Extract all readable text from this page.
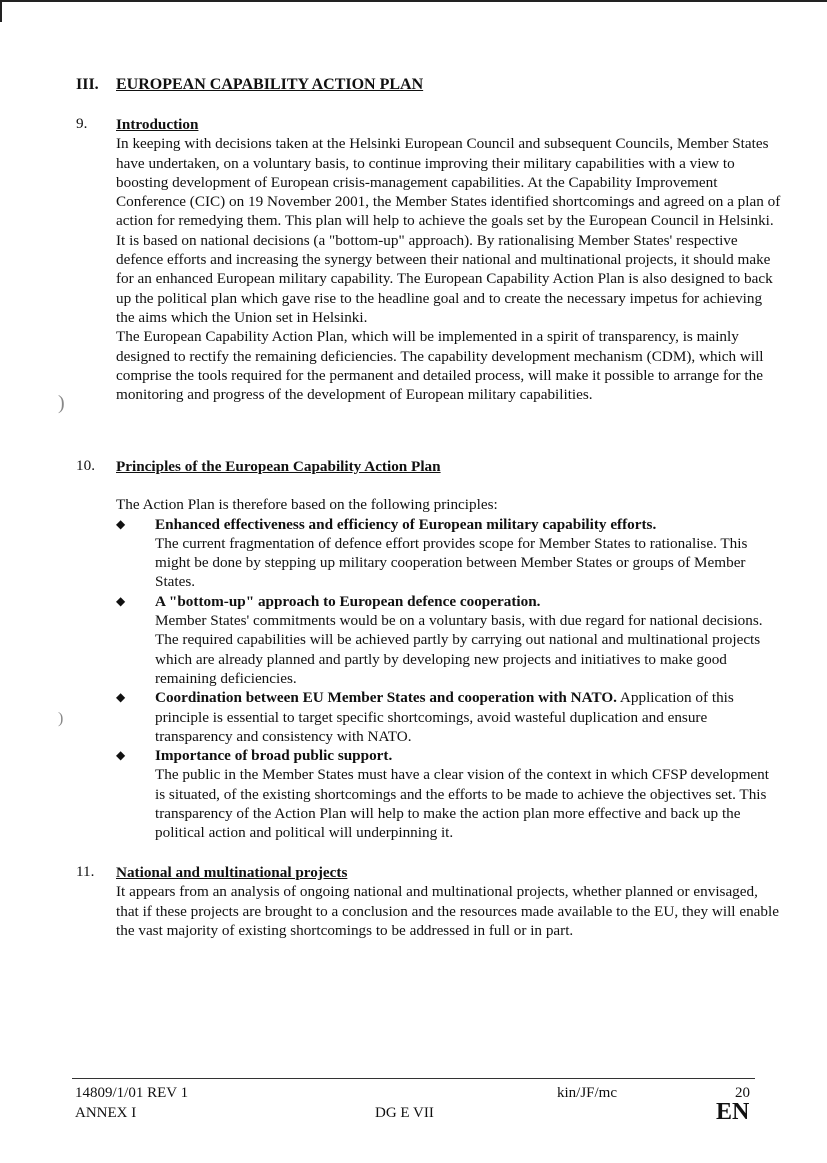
)
)
III. EUROPEAN CAPABILITY ACTION PLAN
9.	Introduction

In keeping with decisions taken at the Helsinki European Council and subsequent Councils, Member States have undertaken, on a voluntary basis, to continue improving their military capabilities with a view to boosting development of European crisis-management capabilities. At the Capability Improvement Conference (CIC) on 19 November 2001, the Member States identified shortcomings and agreed on a plan of action for remedying them. This plan will help to achieve the goals set by the European Council in Helsinki. It is based on national decisions (a "bottom-up" approach). By rationalising Member States' respective defence efforts and increasing the synergy between their national and multinational projects, it should make for an enhanced European military capability. The European Capability Action Plan is also designed to back up the political plan which gave rise to the headline goal and to create the necessary impetus for achieving the aims which the Union set in Helsinki.

The European Capability Action Plan, which will be implemented in a spirit of transparency, is mainly designed to rectify the remaining deficiencies. The capability development mechanism (CDM), which will comprise the tools required for the permanent and detailed process, will make it possible to arrange for the monitoring and progress of the development of European military capabilities.

10.	Principles of the European Capability Action Plan

The Action Plan is therefore based on the following principles:

◆ Enhanced effectiveness and efficiency of European military capability efforts.
The current fragmentation of defence effort provides scope for Member States to rationalise. This might be done by stepping up military cooperation between Member States or groups of Member States.
◆ A "bottom-up" approach to European defence cooperation.
Member States' commitments would be on a voluntary basis, with due regard for national decisions. The required capabilities will be achieved partly by carrying out national and multinational projects which are already planned and partly by developing new projects and initiatives to make good remaining deficiencies.
◆ Coordination between EU Member States and cooperation with NATO. Application of this principle is essential to target specific shortcomings, avoid wasteful duplication and ensure transparency and consistency with NATO.
◆ Importance of broad public support.
The public in the Member States must have a clear vision of the context in which CFSP development is situated, of the existing shortcomings and the efforts to be made to achieve the objectives set. This transparency of the Action Plan will help to make the action plan more effective and back up the political action and political will underpinning it.
11.	National and multinational projects

It appears from an analysis of ongoing national and multinational projects, whether planned or envisaged, that if these projects are brought to a conclusion and the resources made available to the EU, they will enable the vast majority of existing shortcomings to be addressed in full or in part.

14809/1/01 REV 1
ANNEX I	DG E VII
kin/JF/mc	20
EN
